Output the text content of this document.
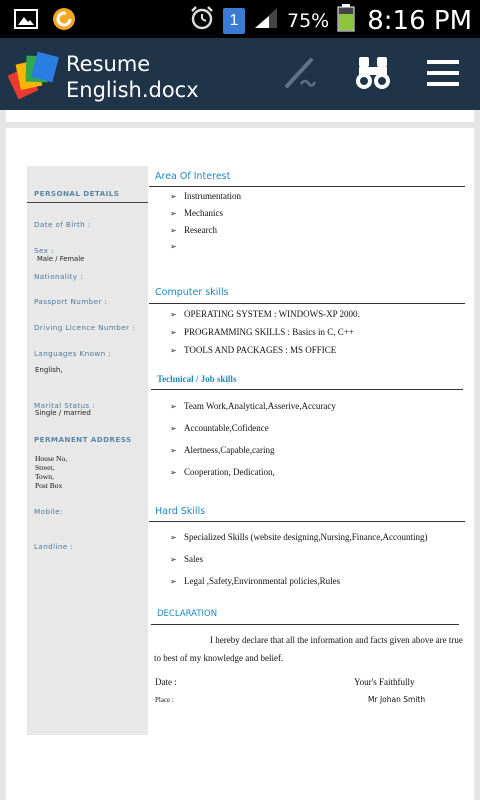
1	75% 8:16 PM
Resume
English.docx
PERSONAL DETAILS
Date of Birth :
Sex :
Male / Female
Nationality :
Passport Number :
Driving Licence Number :
Languages Known :
English,
Marital Status :
Single / married
PERMANENT ADDRESS
House No,
Street,
Town,
Post Box
Mobile:
Landline :
Area Of Interest
➢ Instrumentation
➢ Mechanics
➢ Research
➢
Computer skills
➢ OPERATING SYSTEM : WINDOWS-XP 2000.
➢ PROGRAMMING SKILLS : Basics in C, C++
➢ TOOLS AND PACKAGES : MS OFFICE
Technical / Job skills
➢ Team Work,Analytical,Asserive,Accuracy
➢ Accountable,Cofidence
➢ Alertness,Capable,caring
➢ Cooperation, Dedication,
Hard Skills
➢ Specialized Skills (website designing,Nursing,Finance,Accounting)
➢ Sales
➢ Legal ,Safety,Environmental policies,Rules
DECLARATION
I hereby declare that all the information and facts given above are true
to best of my knowledge and belief.
Date :	Your's Faithfully
Place :	Mr Johan Smith
